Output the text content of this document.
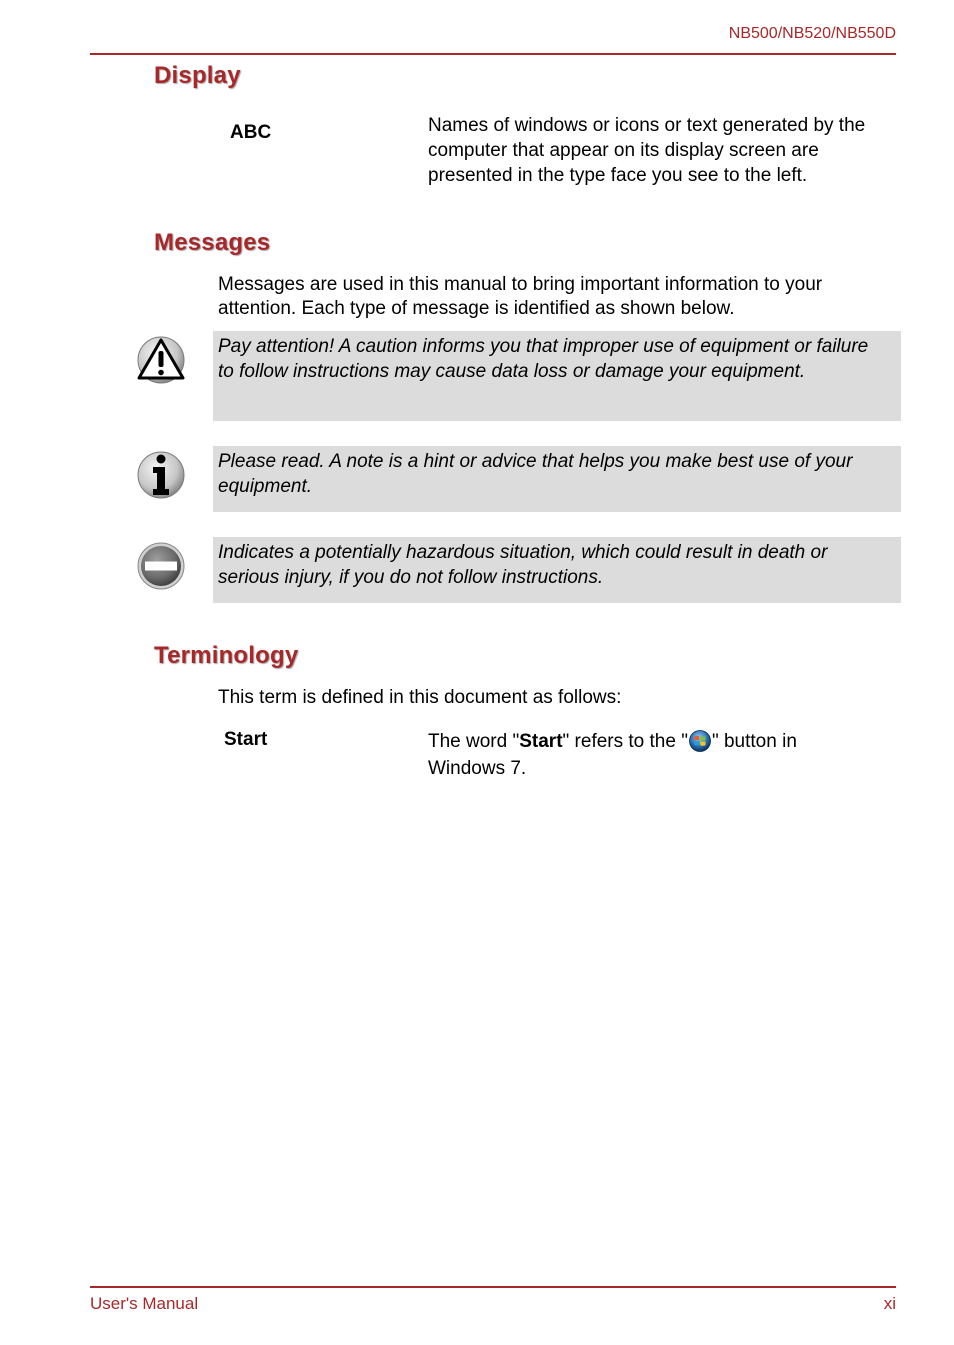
NB500/NB520/NB550D
Display
ABC	Names of windows or icons or text generated by the computer that appear on its display screen are presented in the type face you see to the left.
Messages
Messages are used in this manual to bring important information to your attention. Each type of message is identified as shown below.
Pay attention! A caution informs you that improper use of equipment or failure to follow instructions may cause data loss or damage your equipment.
Please read. A note is a hint or advice that helps you make best use of your equipment.
Indicates a potentially hazardous situation, which could result in death or serious injury, if you do not follow instructions.
Terminology
This term is defined in this document as follows:
Start	The word "Start" refers to the " " button in Windows 7.
User's Manual	xi
